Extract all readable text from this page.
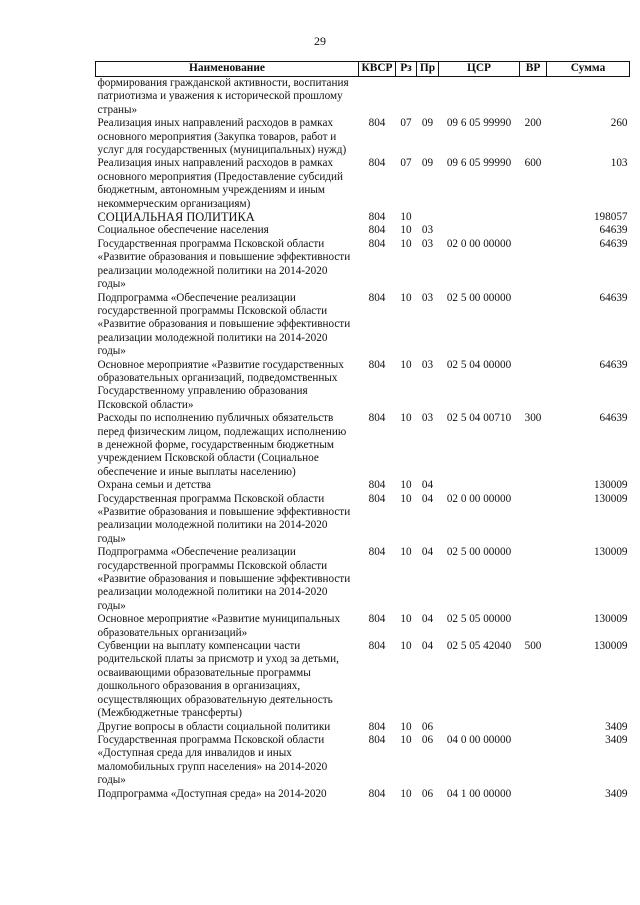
29
Наименование	КВСР	Рз	Пр	ЦСР	ВР	Сумма
формирования гражданской активности, воспитания патриотизма и уважения к исторической прошлому страны»						
Реализация иных направлений расходов в рамках основного мероприятия (Закупка товаров, работ и услуг для государственных (муниципальных) нужд)	804	07	09	09 6 05 99990	200	260
Реализация иных направлений расходов в рамках основного мероприятия (Предоставление субсидий бюджетным, автономным учреждениям и иным некоммерческим организациям)	804	07	09	09 6 05 99990	600	103
СОЦИАЛЬНАЯ ПОЛИТИКА	804	10				198057
Социальное обеспечение населения	804	10	03			64639
Государственная программа Псковской области «Развитие образования и повышение эффективности реализации молодежной политики на 2014-2020 годы»	804	10	03	02 0 00 00000		64639
Подпрограмма «Обеспечение реализации государственной программы Псковской области «Развитие образования и повышение эффективности реализации молодежной политики на 2014-2020 годы»	804	10	03	02 5 00 00000		64639
Основное мероприятие «Развитие государственных образовательных организаций, подведомственных Государственному управлению образования Псковской области»	804	10	03	02 5 04 00000		64639
Расходы по исполнению публичных обязательств перед физическим лицом, подлежащих исполнению в денежной форме, государственным бюджетным учреждением Псковской области (Социальное обеспечение и иные выплаты населению)	804	10	03	02 5 04 00710	300	64639
Охрана семьи и детства	804	10	04			130009
Государственная программа Псковской области «Развитие образования и повышение эффективности реализации молодежной политики на 2014-2020 годы»	804	10	04	02 0 00 00000		130009
Подпрограмма «Обеспечение реализации государственной программы Псковской области «Развитие образования и повышение эффективности реализации молодежной политики на 2014-2020 годы»	804	10	04	02 5 00 00000		130009
Основное мероприятие «Развитие муниципальных образовательных организаций»	804	10	04	02 5 05 00000		130009
Субвенции на выплату компенсации части родительской платы за присмотр и уход за детьми, осваивающими образовательные программы дошкольного образования в организациях, осуществляющих образовательную деятельность (Межбюджетные трансферты)	804	10	04	02 5 05 42040	500	130009
Другие вопросы в области социальной политики	804	10	06			3409
Государственная программа Псковской области «Доступная среда для инвалидов и иных маломобильных групп населения» на 2014-2020 годы»	804	10	06	04 0 00 00000		3409
Подпрограмма «Доступная среда» на 2014-2020	804	10	06	04 1 00 00000		3409
